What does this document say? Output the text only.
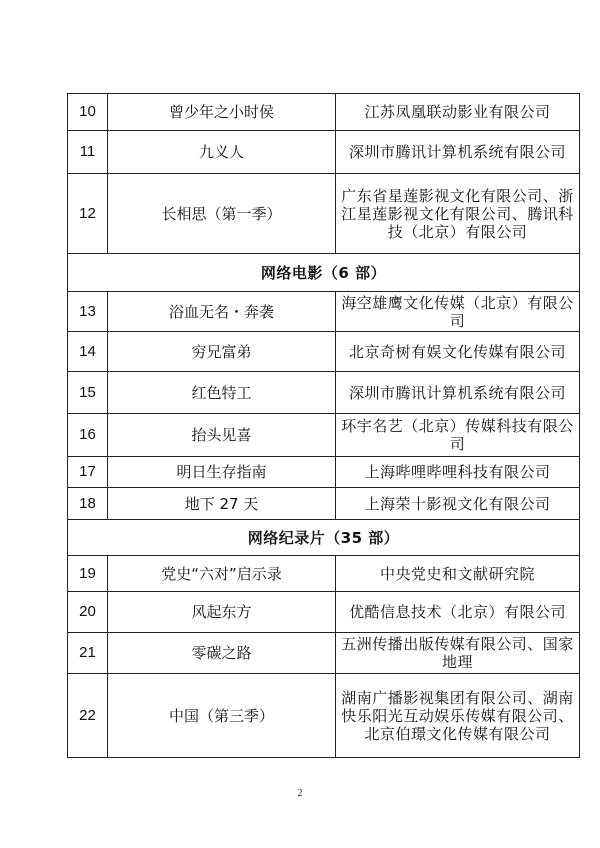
10	曾少年之小时侯	江苏凤凰联动影业有限公司
11	九义人	深圳市腾讯计算机系统有限公司
12	长相思（第一季）	广东省星莲影视文化有限公司、浙江星莲影视文化有限公司、腾讯科技（北京）有限公司
网络电影（6 部）		
13	浴血无名・奔袭	海空雄鹰文化传媒（北京）有限公司
14	穷兄富弟	北京奇树有娱文化传媒有限公司
15	红色特工	深圳市腾讯计算机系统有限公司
16	抬头见喜	环宇名艺（北京）传媒科技有限公司
17	明日生存指南	上海哔哩哔哩科技有限公司
18	地下 27 天	上海荣十影视文化有限公司
网络纪录片（35 部）		
19	党史“六对”启示录	中央党史和文献研究院
20	风起东方	优酷信息技术（北京）有限公司
21	零碳之路	五洲传播出版传媒有限公司、国家地理
22	中国（第三季）	湖南广播影视集团有限公司、湖南快乐阳光互动娱乐传媒有限公司、北京伯璟文化传媒有限公司
2
